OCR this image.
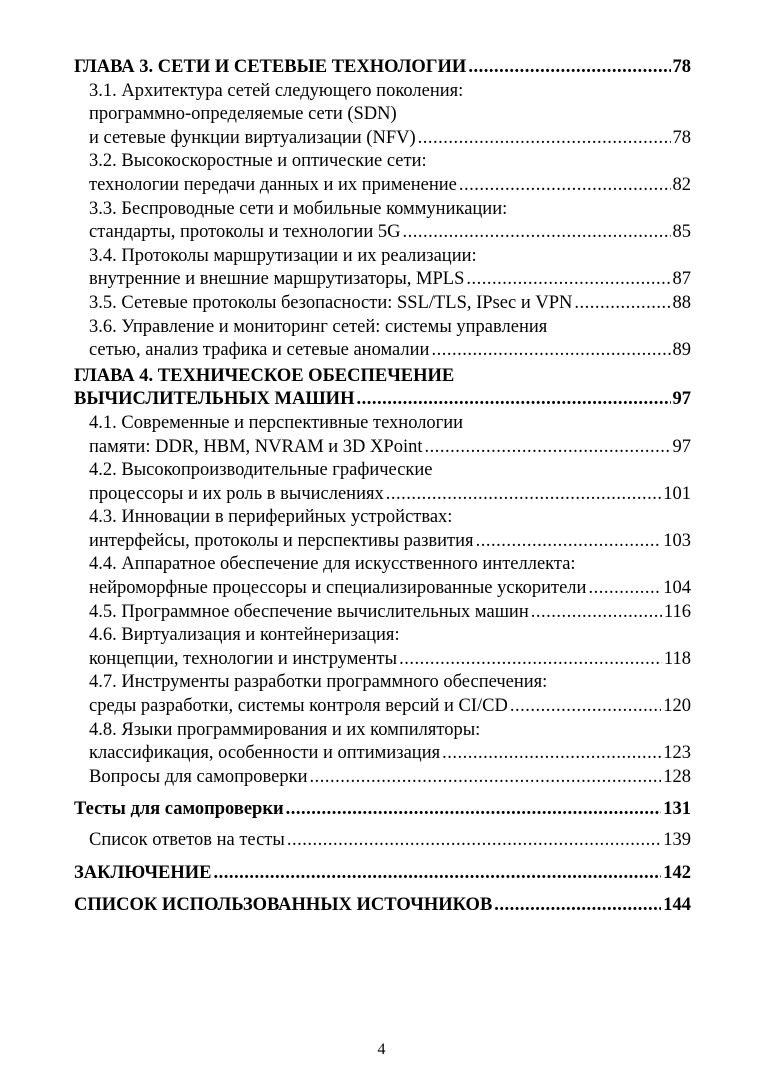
ГЛАВА 3. СЕТИ И СЕТЕВЫЕ ТЕХНОЛОГИИ .....	78
3.1. Архитектура сетей следующего поколения:
программно-определяемые сети (SDN)
и сетевые функции виртуализации (NFV) .....	78
3.2. Высокоскоростные и оптические сети:
технологии передачи данных и их применение .....	82
3.3. Беспроводные сети и мобильные коммуникации:
стандарты, протоколы и технологии 5G .....	85
3.4. Протоколы маршрутизации и их реализации:
внутренние и внешние маршрутизаторы, MPLS .....	87
3.5. Сетевые протоколы безопасности: SSL/TLS, IPsec и VPN .....	88
3.6. Управление и мониторинг сетей: системы управления
сетью, анализ трафика и сетевые аномалии .....	89
ГЛАВА 4. ТЕХНИЧЕСКОЕ ОБЕСПЕЧЕНИЕ
ВЫЧИСЛИТЕЛЬНЫХ МАШИН .....	97
4.1. Современные и перспективные технологии
памяти: DDR, HBM, NVRAM и 3D XPoint .....	97
4.2. Высокопроизводительные графические
процессоры и их роль в вычислениях .....	101
4.3. Инновации в периферийных устройствах:
интерфейсы, протоколы и перспективы развития .....	103
4.4. Аппаратное обеспечение для искусственного интеллекта:
нейроморфные процессоры и специализированные ускорители .....	104
4.5. Программное обеспечение вычислительных машин .....	116
4.6. Виртуализация и контейнеризация:
концепции, технологии и инструменты .....	118
4.7. Инструменты разработки программного обеспечения:
среды разработки, системы контроля версий и CI/CD .....	120
4.8. Языки программирования и их компиляторы:
классификация, особенности и оптимизация .....	123
Вопросы для самопроверки .....	128
Тесты для самопроверки .....	131
Список ответов на тесты .....	139
ЗАКЛЮЧЕНИЕ .....	142
СПИСОК ИСПОЛЬЗОВАННЫХ ИСТОЧНИКОВ .....	144
4
